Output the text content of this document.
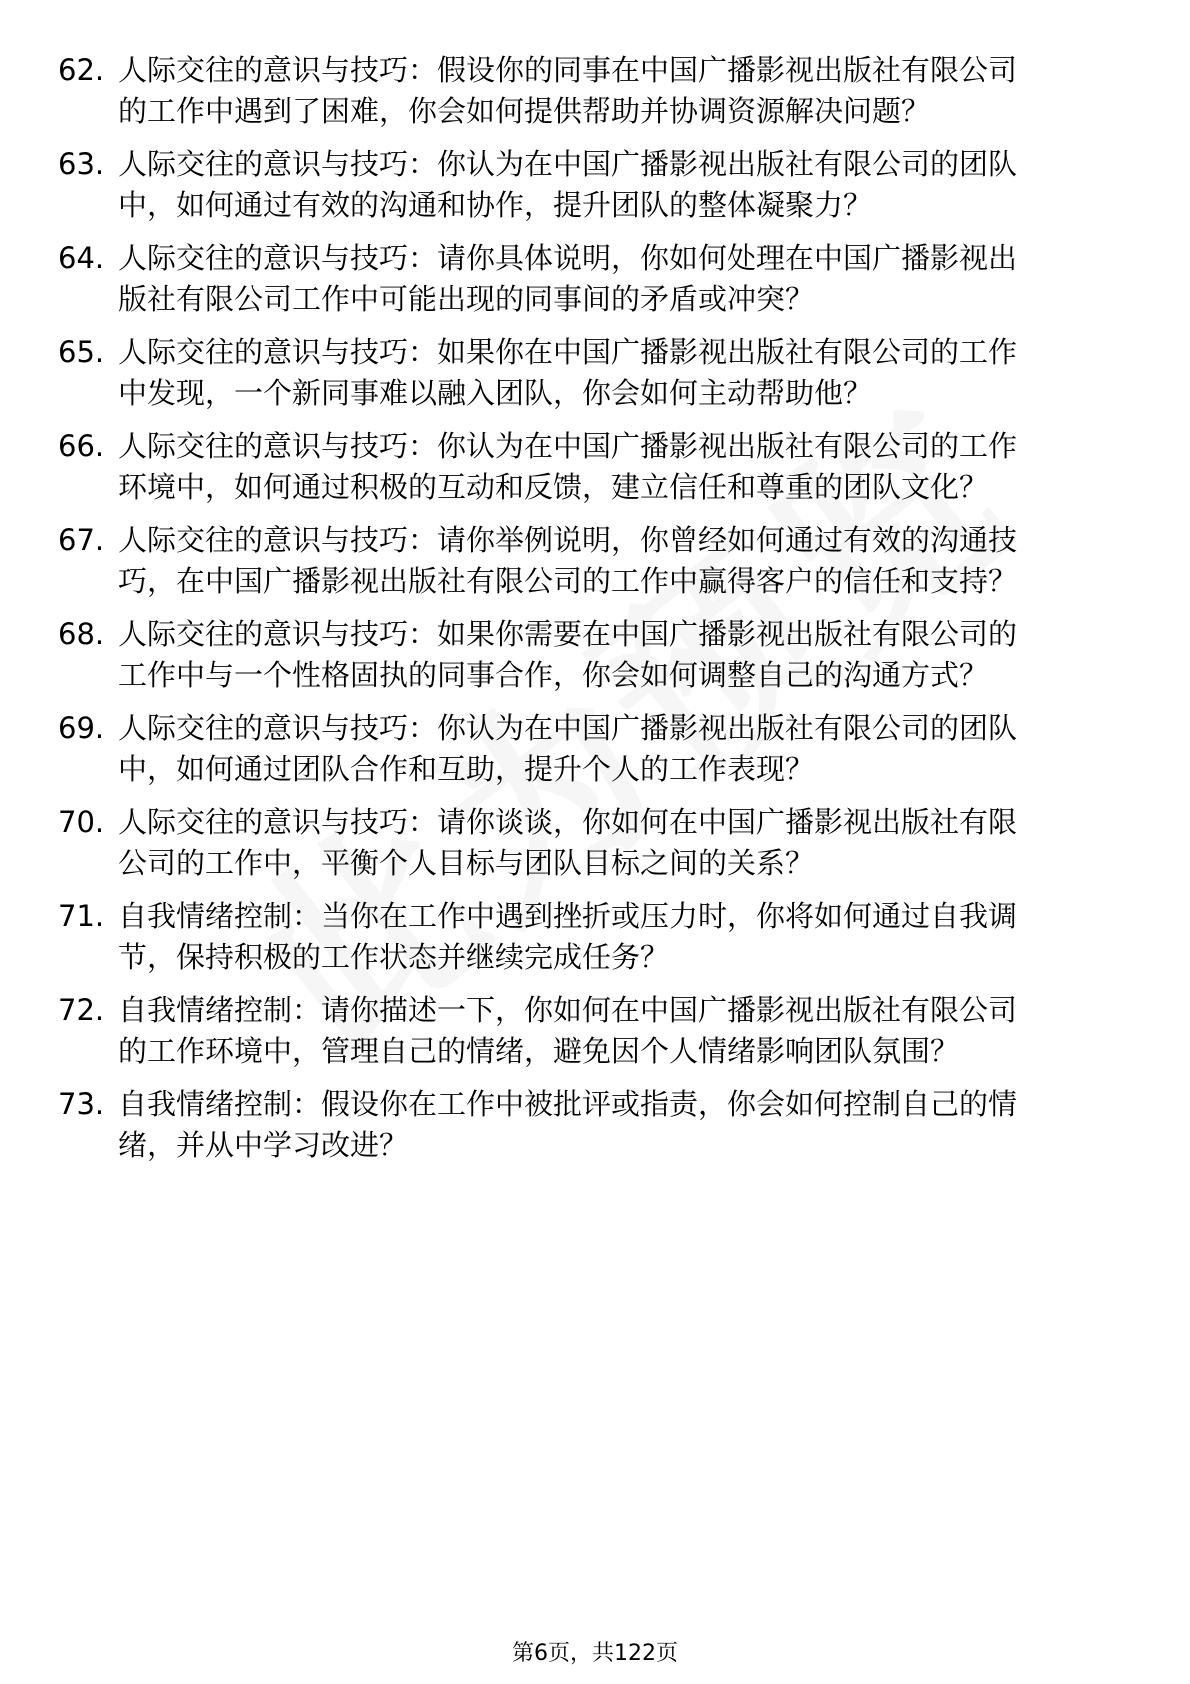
62. 人际交往的意识与技巧：假设你的同事在中国广播影视出版社有限公司的工作中遇到了困难，你会如何提供帮助并协调资源解决问题？
63. 人际交往的意识与技巧：你认为在中国广播影视出版社有限公司的团队中，如何通过有效的沟通和协作，提升团队的整体凝聚力？
64. 人际交往的意识与技巧：请你具体说明，你如何处理在中国广播影视出版社有限公司工作中可能出现的同事间的矛盾或冲突？
65. 人际交往的意识与技巧：如果你在中国广播影视出版社有限公司的工作中发现，一个新同事难以融入团队，你会如何主动帮助他？
66. 人际交往的意识与技巧：你认为在中国广播影视出版社有限公司的工作环境中，如何通过积极的互动和反馈，建立信任和尊重的团队文化？
67. 人际交往的意识与技巧：请你举例说明，你曾经如何通过有效的沟通技巧，在中国广播影视出版社有限公司的工作中赢得客户的信任和支持？
68. 人际交往的意识与技巧：如果你需要在中国广播影视出版社有限公司的工作中与一个性格固执的同事合作，你会如何调整自己的沟通方式？
69. 人际交往的意识与技巧：你认为在中国广播影视出版社有限公司的团队中，如何通过团队合作和互助，提升个人的工作表现？
70. 人际交往的意识与技巧：请你谈谈，你如何在中国广播影视出版社有限公司的工作中，平衡个人目标与团队目标之间的关系？
71. 自我情绪控制：当你在工作中遇到挫折或压力时，你将如何通过自我调节，保持积极的工作状态并继续完成任务？
72. 自我情绪控制：请你描述一下，你如何在中国广播影视出版社有限公司的工作环境中，管理自己的情绪，避免因个人情绪影响团队氛围？
73. 自我情绪控制：假设你在工作中被批评或指责，你会如何控制自己的情绪，并从中学习改进？
第6页，共122页
